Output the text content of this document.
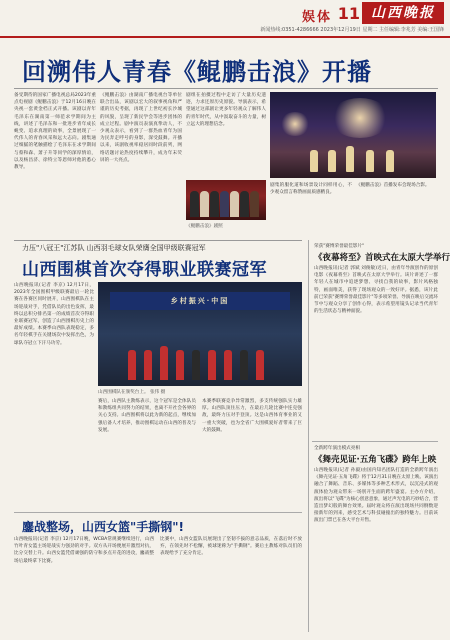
娱体 11 山西晚报
新闻热线:0351-4286666 2023年12月19日 星期二 主任编辑:李兆芳 美编:王国锋
回溯伟人青春《鲲鹏击浪》开播
备受期待的国家广播电视总局2023年重点电视剧《鲲鹏击浪》于12月16日晚在央视一套黄金档正式开播。该剧以青年毛泽东在湖南第一师范求学期间为主线，讲述了毛泽东和一批进步青年成长蜕变、追求真理的故事，全景展现了一代伟人的青春风采和远大志向。剧集通过细腻的笔触描绘了毛泽东在求学期间与蔡和森、萧子升等同学的深厚情谊，以及杨昌济、徐特立等恩师对他的悉心教导。
《鲲鹏击浪》由湖南广播电视台等单位联合出品，该剧以宏大的叙事视角和严谨的历史考据，再现了上世纪初长沙城的风貌，呈现了新民学会等进步团体的成立过程。剧中演员表演真挚动人，不少观众表示，看到了一群热血青年为国为民奔走呼号的身影，深受鼓舞。开播以来，该剧收视率稳居同时段前列，网络话题讨论热度持续攀升，成为年末荧屏的一大亮点。
剧组在拍摄过程中走访了大量历史遗迹，力求还原历史原貌。导演表示，希望通过这部剧让更多年轻观众了解伟人的青年时代，从中汲取奋斗的力量，树立远大的理想信念。
《鲲鹏击浪》剧照
剧集的服化道和场景设计同样用心，不少观众留言称赞画面质感精良。
《鲲鹏击浪》首播发布会现场合影。
力压"八冠王"江苏队 山西羽毛球女队荣膺全国甲级联赛冠军
山西围棋首次夺得职业联赛冠军
山西晚报讯(记者 李京) 12月17日，2023年全国围棋甲级联赛最后一轮比赛在各赛区同时展开，山西围棋队在主场迎战对手，凭借队员的出色发挥，最终以总积分排名第一的成绩首次夺得职业联赛冠军，创造了山西围棋历史上的最好成绩。本赛季山西队表现稳定，多名年轻棋手在关键场次中发挥出色，为球队夺冠立下汗马功劳。
乡村振兴·中国
山西围棋队在颁奖台上。 张伟 摄
赛后，山西队主教练表示，这个冠军是全体队员和教练组共同努力的结果，也离不开社会各界的关心支持。山西围棋将以此为新的起点，继续加强后备人才培养，推动围棋运动在山西的普及与发展。
本赛季联赛竞争异常激烈，多支传统强队实力雄厚。山西队顶住压力，在最后几轮比赛中连克强敌，最终力压对手登顶。这是山西体育事业的又一重大突破，也为全省广大围棋爱好者带来了巨大的鼓舞。
鏖战整场，山西女篮"手撕钢"!
山西晚报讯(记者 李京) 12月17日晚，WCBA常规赛继续进行，山西竹叶青女篮主场迎战实力强劲的对手。双方从开场便展开激烈对抗，比分交替上升。山西女篮凭借顽强的防守和多点开花的进攻，鏖战整场后最终拿下比赛。
比赛中，山西女篮队员展现出了坚韧不拔的意志品质，在落后时不放弃，在领先时不松懈，被球迷称为"手撕钢"。赛后主教练对队员们的表现给予了充分肯定。
荣获"赛博荣誉最佳影片"
《夜幕将至》首映式在太原大学举行
山西晚报讯(记者 郭斌 刘俊敏)近日，由青年导演创作的原创电影《夜幕将至》首映式在太原大学举行。该片讲述了一群年轻人在城市中追逐梦想、寻找自我的故事，影片风格独特，画面唯美，获得了现场观众的一致好评。据悉，该片此前已荣获"赛博荣誉最佳影片"等多项荣誉。导演在映后交流环节中与观众分享了创作心得，表示希望用镜头记录当代青年的生活状态与精神面貌。
全新跨年演出模式亮相
《舞壳见证·五角飞碟》跨年上映
山西晚报讯(记者 孙毅)由国内知名团队打造的全新跨年演出《舞壳见证·五角飞碟》将于12月31日晚在太原上映。该演出融合了舞蹈、音乐、多媒体等多种艺术形式，以沉浸式的观演体验为观众带来一场别开生面的跨年盛宴。主办方介绍，演出将以"飞碟"为核心创意意象，通过声光电的巧妙结合，营造出梦幻般的舞台效果。届时观众将在演出现场共同倒数迎接新年的到来，感受艺术与科技碰撞出的独特魅力。目前该演出门票已在各大平台开售。
